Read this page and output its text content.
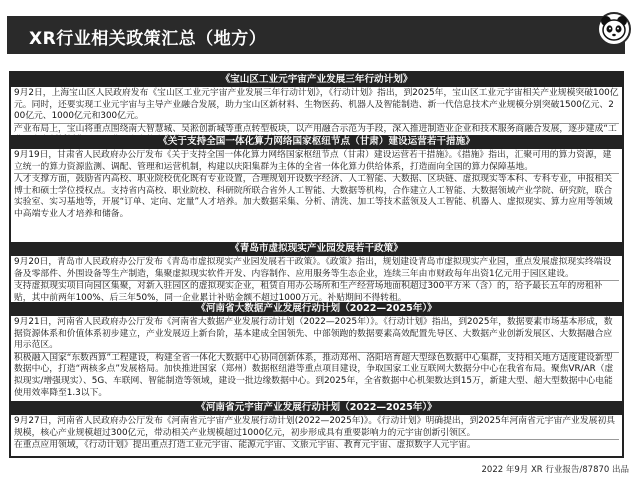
XR行业相关政策汇总（地方）
《宝山区工业元宇宙产业发展三年行动计划》
9月2日，上海宝山区人民政府发布《宝山区工业元宇宙产业发展三年行动计划》，《行动计划》指出，到2025年，宝山区工业元宇宙相关产业规模突破100亿元。同时，还要实现工业元宇宙与主导产业融合发展，助力宝山区新材料、生物医药、机器人及智能制造、新一代信息技术产业规模分别突破1500亿元、200亿元、1000亿元和300亿元。
产业布局上，宝山将重点围绕南大智慧城、吴淞创新城等重点转型板块，以产用融合示范为手段，深入推进制造业企业和技术服务商融合发展，逐步建成“工
《关于支持全国一体化算力网络国家枢纽节点（甘肃）建设运营若干措施》
9月19日，甘肃省人民政府办公厅发布《关于支持全国一体化算力网络国家枢纽节点（甘肃）建设运营若干措施》。《措施》指出，汇聚可用的算力资源，建立统一的算力资源监测、调配、管理和运营机制，构建以庆阳集群为主体的全省一体化算力供给体系，打造面向全国的算力保障基地。
人才支撑方面，鼓励省内高校、职业院校优化既有专业设置，合理规划开设数字经济、人工智能、大数据、区块链、虚拟现实等本科、专科专业，申报相关博士和硕士学位授权点。支持省内高校、职业院校、科研院所联合省外人工智能、大数据等机构，合作建立人工智能、大数据领域产业学院、研究院，联合实验室、实习基地等，开展“订单、定向、定量”人才培养。加大数据采集、分析、清洗、加工等技术蓝领及人工智能、机器人、虚拟现实、算力应用等领域中高端专业人才培养和储备。
《青岛市虚拟现实产业园发展若干政策》
9月20日，青岛市人民政府办公厅发布《青岛市虚拟现实产业园发展若干政策》。《政策》指出，规划建设青岛市虚拟现实产业园，重点发展虚拟现实终端设备及零部件、外围设备等生产制造，集聚虚拟现实软件开发、内容制作、应用服务等生态企业，连续三年由市财政每年出资1亿元用于园区建设。
支持虚拟现实项目向园区集聚，对新入驻园区的虚拟现实企业，租赁自用办公场所和生产经营场地面积超过300平方米（含）的，给予最长五年的房租补贴，其中前两年100%、后三年50%，同一企业累计补贴金额不超过1000万元。补贴期间不得转租。
《河南省大数据产业发展行动计划（2022—2025年）》
9月21日，河南省人民政府办公厅发布《河南省大数据产业发展行动计划（2022—2025年）》。《行动计划》指出，到2025年，数据要素市场基本形成，数据资源体系和价值体系初步建立，产业发展迈上新台阶，基本建成全国领先、中部领跑的数据要素高效配置先导区、大数据产业创新发展区、大数据融合应用示范区。
积极融入国家“东数西算”工程建设，构建全省一体化大数据中心协同创新体系，推动郑州、洛阳培育超大型绿色数据中心集群，支持相关地方适度建设新型数据中心，打造“两核多点”发展格局。加快推进国家（郑州）数据枢纽港等重点项目建设，争取国家工业互联网大数据分中心在我省布局。聚焦VR/AR（虚拟现实/增强现实）、5G、车联网、智能制造等领域，建设一批边缘数据中心。到2025年，全省数据中心机架数达到15万，新建大型、超大型数据中心电能使用效率降至1.3以下。
《河南省元宇宙产业发展行动计划（2022—2025年）》
9月27日，河南省人民政府办公厅发布《河南省元宇宙产业发展行动计划(2022—2025年)》。《行动计划》明确提出，到2025年河南省元宇宙产业发展初具规模，核心产业规模超过300亿元，带动相关产业规模超过1000亿元，初步形成具有重要影响力的元宇宙创新引领区。
在重点应用领域，《行动计划》提出重点打造工业元宇宙、能源元宇宙、文旅元宇宙、教育元宇宙、虚拟数字人元宇宙。
2022 年9月 XR 行业报告/87870 出品
